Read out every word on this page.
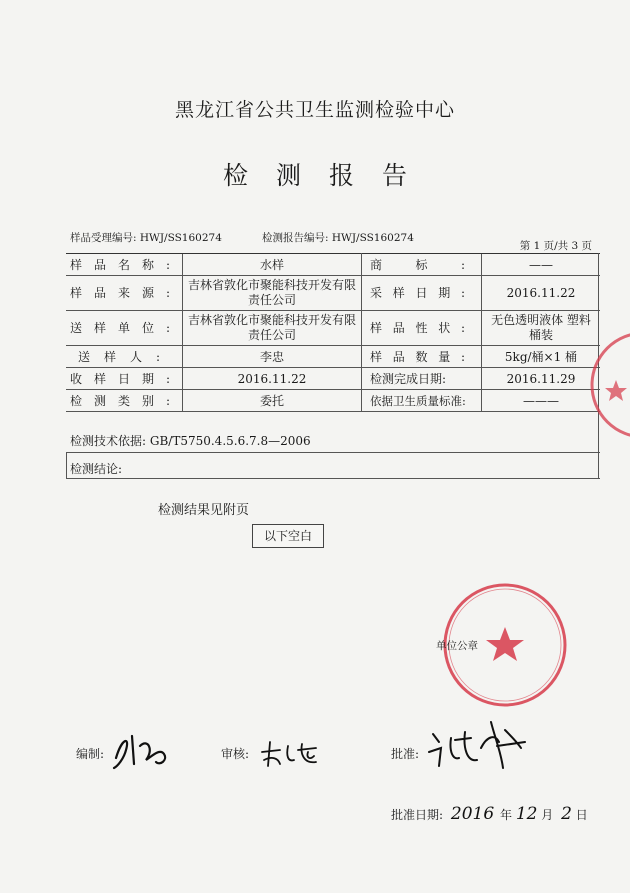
黑龙江省公共卫生监测检验中心
检测报告
样品受理编号: HWJ/SS160274	检测报告编号: HWJ/SS160274
第 1 页/共 3 页
样品名称:	水样	商标:	——
样品来源:	吉林省敦化市聚能科技开发有限责任公司	采样日期:	2016.11.22
送样单位:	吉林省敦化市聚能科技开发有限责任公司	样品性状:	无色透明液体 塑料桶装
送样人:	李忠	样品数量:	5kg/桶×1 桶
收样日期:	2016.11.22	检测完成日期:	2016.11.29
检测类别:	委托	依据卫生质量标准:	———
检测技术依据: GB/T5750.4.5.6.7.8—2006
检测结论:
检测结果见附页
以下空白
单位公章
编制:	审核:	批准:
批准日期: 2016 年 12 月 2 日
